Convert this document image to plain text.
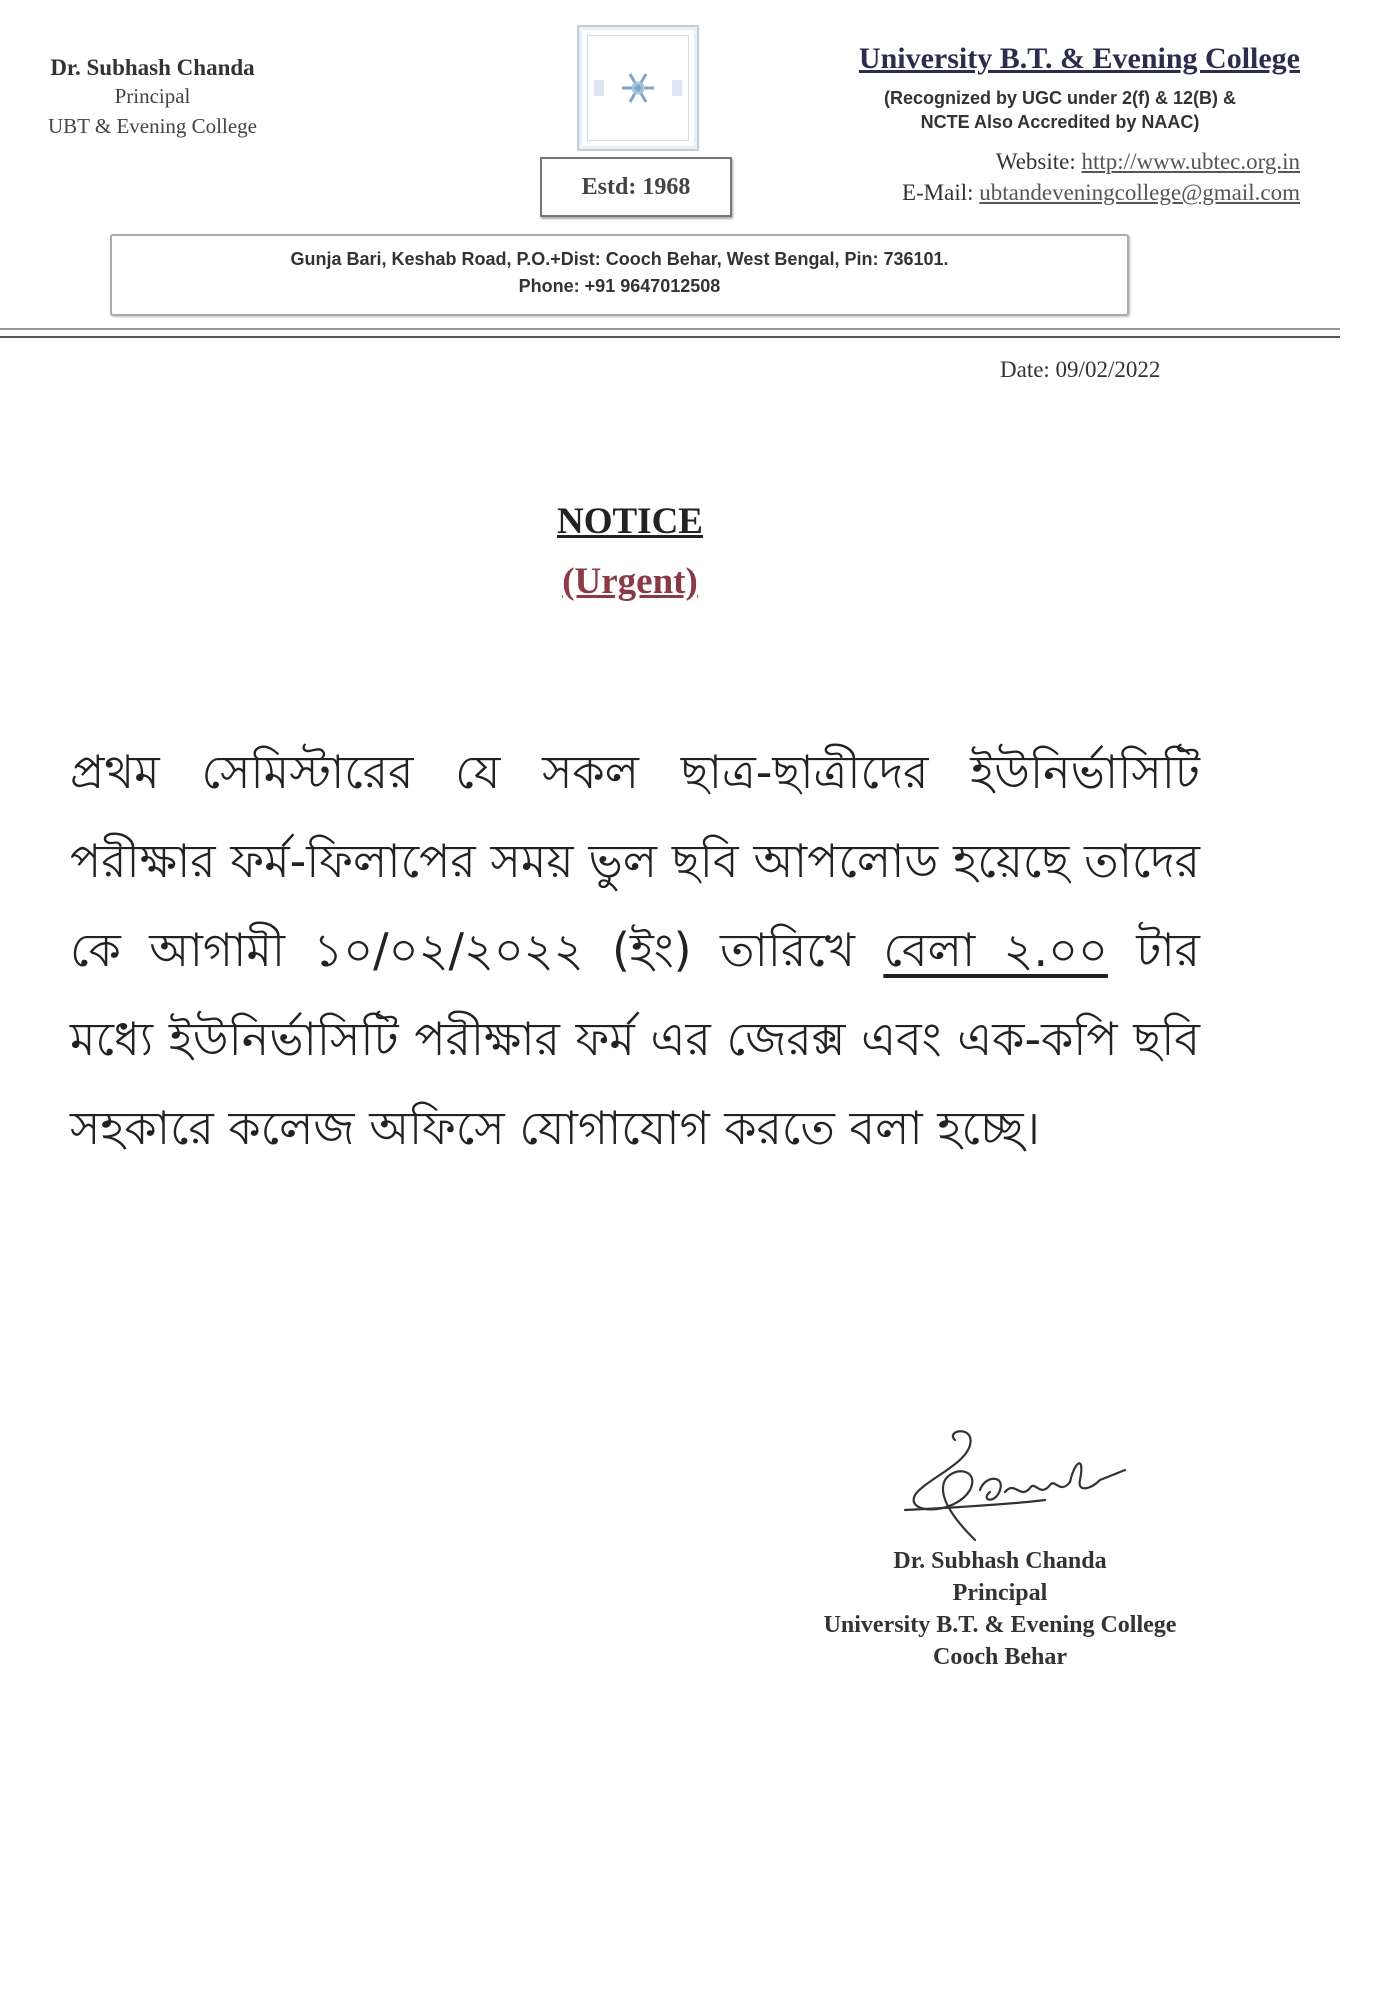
Dr. Subhash Chanda
Principal
UBT & Evening College
Estd: 1968
University B.T. & Evening College
(Recognized by UGC under 2(f) & 12(B) &
NCTE Also Accredited by NAAC)
Website: http://www.ubtec.org.in
E-Mail: ubtandeveningcollege@gmail.com
Gunja Bari, Keshab Road, P.O.+Dist: Cooch Behar, West Bengal, Pin: 736101.
Phone: +91 9647012508
Date: 09/02/2022
NOTICE
(Urgent)
প্রথম সেমিস্টারের যে সকল ছাত্র-ছাত্রীদের ইউনির্ভাসিটি পরীক্ষার ফর্ম-ফিলাপের সময় ভুল ছবি আপলোড হয়েছে তাদের কে আগামী ১০/০২/২০২২ (ইং) তারিখে বেলা ২.০০ টার মধ্যে ইউনির্ভাসিটি পরীক্ষার ফর্ম এর জেরক্স এবং এক-কপি ছবি সহকারে কলেজ অফিসে যোগাযোগ করতে বলা হচ্ছে।
Dr. Subhash Chanda
Principal
University B.T. & Evening College
Cooch Behar
